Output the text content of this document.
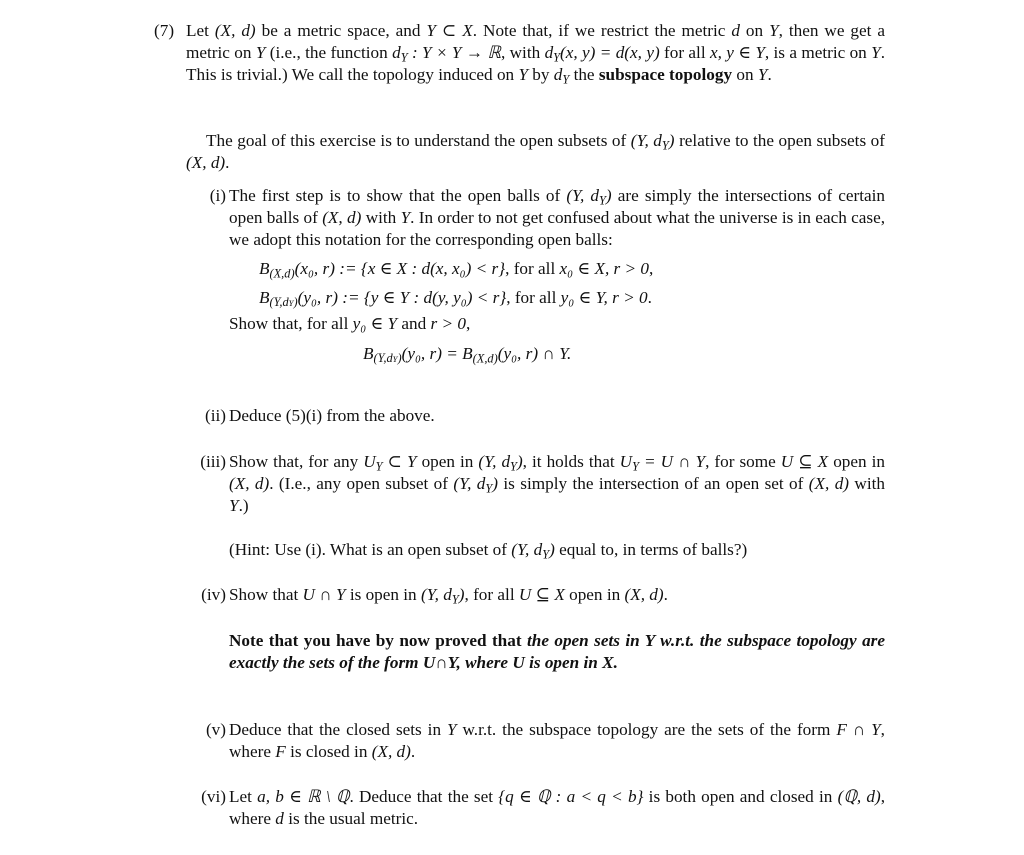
(7) Let (X, d) be a metric space, and Y ⊂ X. Note that, if we restrict the metric d on Y, then we get a metric on Y (i.e., the function $d_Y$ : Y × Y → ℝ, with $d_Y(x$, y) = d(x, y) for all x, y ∈ Y, is a metric on Y. This is trivial.) We call the topology induced on Y by $d_Y$ the subspace topology on Y.
The goal of this exercise is to understand the open subsets of (Y, $d_Y$) relative to the open subsets of (X, d).
(i) The first step is to show that the open balls of (Y, $d_Y$) are simply the intersections of certain open balls of (X, d) with Y. In order to not get confused about what the universe is in each case, we adopt this notation for the corresponding open balls:
$B_{(X,d)}(x_0$, r) := {x ∈ X : d(x, x₀) < r}, for all x₀ ∈ X, r > 0,
$B_{(Y,dY)}(y_0$, r) := {y ∈ Y : d(y, y₀) < r}, for all y₀ ∈ Y, r > 0.
Show that, for all y₀ ∈ Y and r > 0,
$B_{(Y,dY)}(y_0$, $r) = B_{(X,d)}(y_0$, r) ∩ Y.
(ii) Deduce (5)(i) from the above.
(iii) Show that, for any $U_Y$ ⊂ Y open in (Y, $d_Y$), it holds that $U_Y = U$ ∩ Y, for some U ⊆ X open in (X, d). (I.e., any open subset of (Y, $d_Y$) is simply the intersection of an open set of (X, d) with Y.)
(Hint: Use (i). What is an open subset of (Y, $d_Y$) equal to, in terms of balls?)
(iv) Show that U ∩ Y is open in (Y, $d_Y$), for all U ⊆ X open in (X, d).
Note that you have by now proved that the open sets in Y w.r.t. the subspace topology are exactly the sets of the form U∩Y, where U is open in X.
(v) Deduce that the closed sets in Y w.r.t. the subspace topology are the sets of the form F ∩ Y, where F is closed in (X, d).
(vi) Let a, b ∈ ℝ \ ℚ. Deduce that the set {q ∈ ℚ : a < q < b} is both open and closed in (ℚ, d), where d is the usual metric.
